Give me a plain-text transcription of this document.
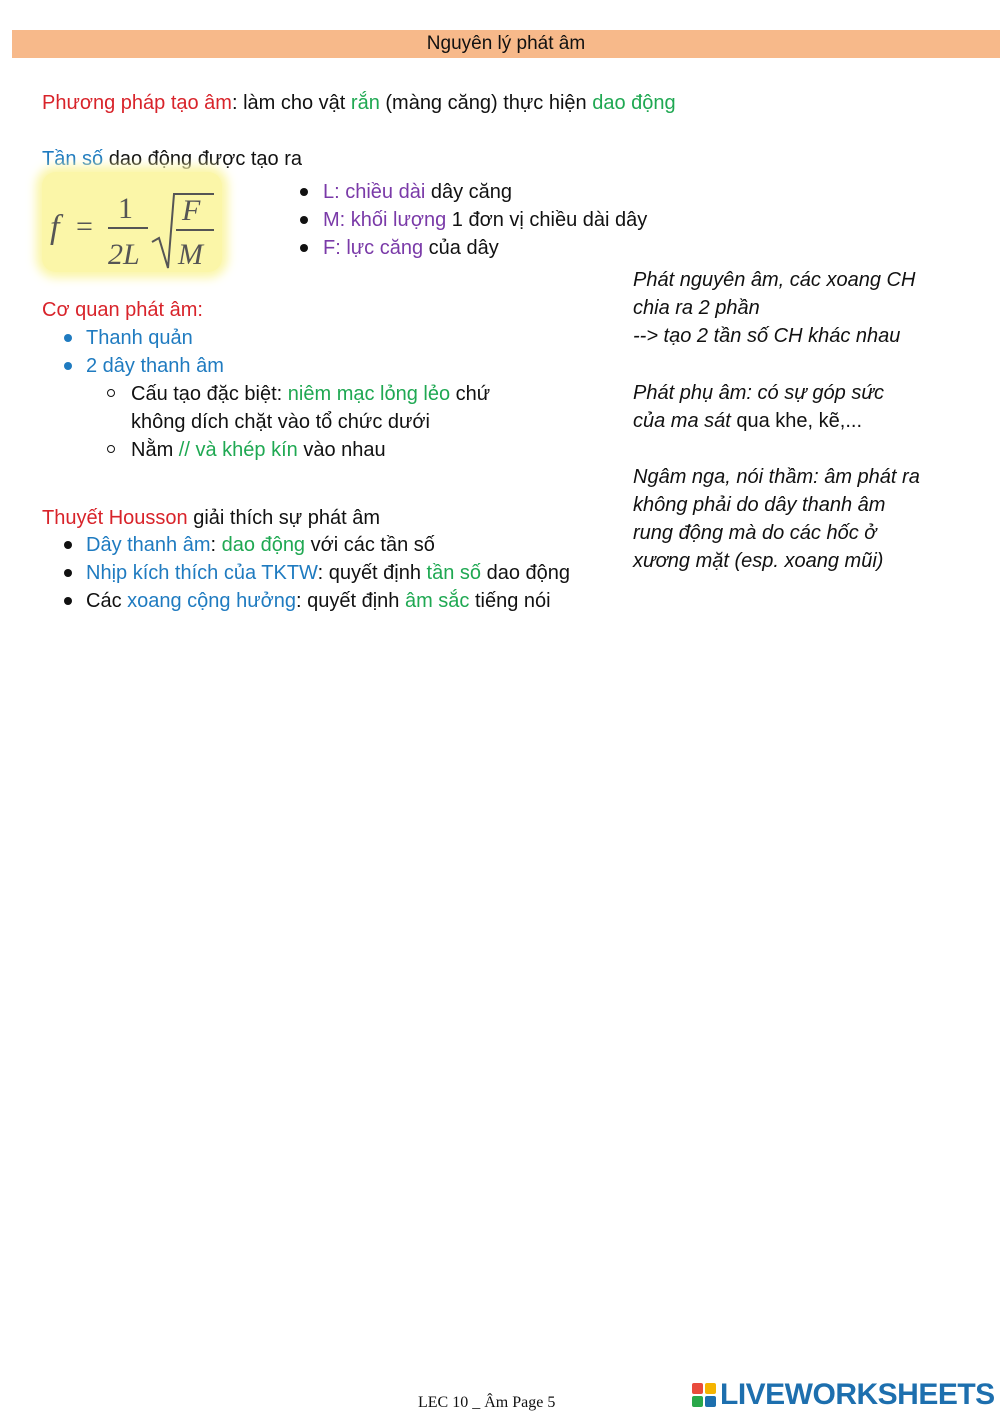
Nguyên lý phát âm
Phương pháp tạo âm: làm cho vật rắn (màng căng) thực hiện dao động
Tần số dao động được tạo ra
f =
1
2L
F
M
L: chiều dài dây căng
M: khối lượng 1 đơn vị chiều dài dây
F: lực căng của dây
Cơ quan phát âm:
Thanh quản
2 dây thanh âm
Cấu tạo đặc biệt: niêm mạc lỏng lẻo chứ
không dích chặt vào tổ chức dưới
Nằm // và khép kín vào nhau
Thuyết Housson giải thích sự phát âm
Dây thanh âm: dao động với các tần số
Nhịp kích thích của TKTW: quyết định tần số dao động
Các xoang cộng hưởng: quyết định âm sắc tiếng nói
Phát nguyên âm, các xoang CH
chia ra 2 phần
--> tạo 2 tần số CH khác nhau
Phát phụ âm: có sự góp sức
của ma sát qua khe, kẽ,...
Ngâm nga, nói thầm: âm phát ra
không phải do dây thanh âm
rung động mà do các hốc ở
xương mặt (esp. xoang mũi)
LEC 10 _ Âm Page 5	LIVEWORKSHEETS
